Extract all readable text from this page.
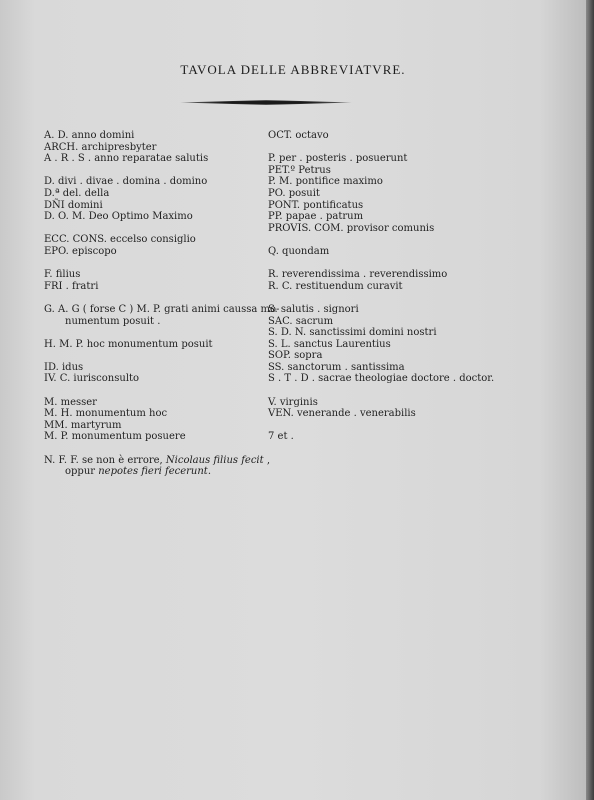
TAVOLA DELLE ABBREVIATVRE.
A. D. anno domini
ARCH. archipresbyter
A . R . S . anno reparatae salutis
D. divi . divae . domina . domino
D.ª del. della
DÑI domini
D. O. M. Deo Optimo Maximo
ECC. CONS. eccelso consiglio
EPO. episcopo
F. filius
FRI . fratri
G. A. G ( forse C ) M. P. grati animi caussa mo-
numentum posuit .
H. M. P. hoc monumentum posuit
ID. idus
IV. C. iurisconsulto
M. messer
M. H. monumentum hoc
MM. martyrum
M. P. monumentum posuere
N. F. F. se non è errore, Nicolaus filius fecit ,
oppur nepotes fieri fecerunt.
OCT. octavo
P. per . posteris . posuerunt
PET.º Petrus
P. M. pontifice maximo
PO. posuit
PONT. pontificatus
PP. papae . patrum
PROVIS. COM. provisor comunis
Q. quondam
R. reverendissima . reverendissimo
R. C. restituendum curavit
S. salutis . signori
SAC. sacrum
S. D. N. sanctissimi domini nostri
S. L. sanctus Laurentius
SOP. sopra
SS. sanctorum . santissima
S . T . D . sacrae theologiae doctore . doctor.
V. virginis
VEN. venerande . venerabilis
7 et .
